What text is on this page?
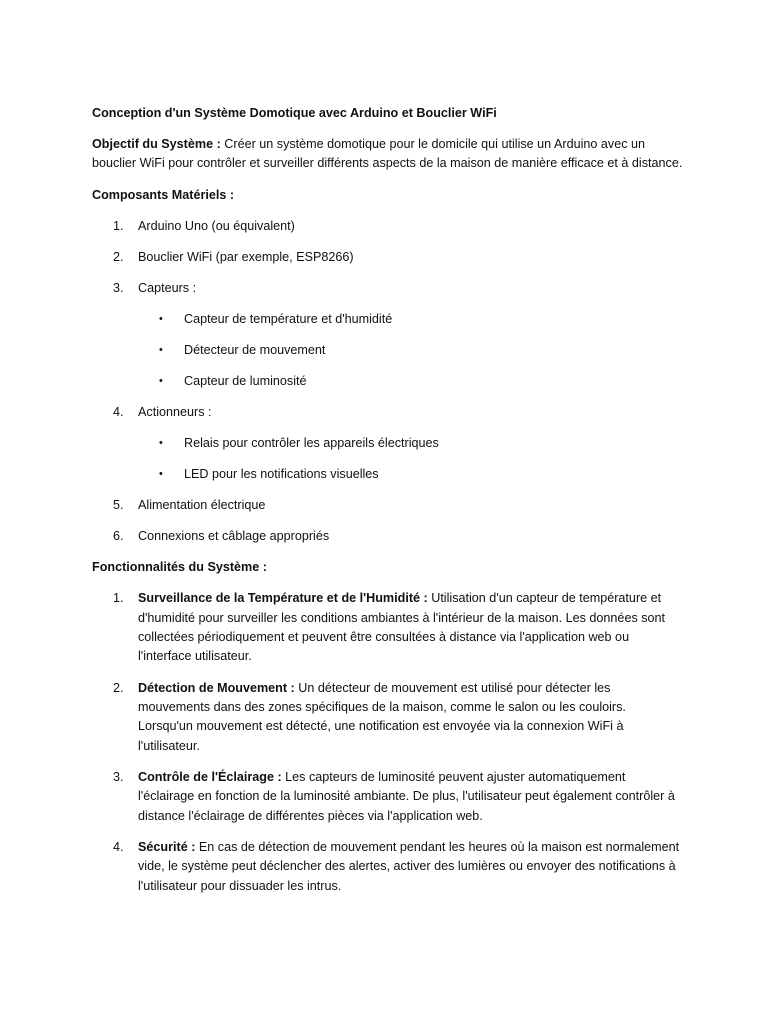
Conception d'un Système Domotique avec Arduino et Bouclier WiFi

Objectif du Système : Créer un système domotique pour le domicile qui utilise un Arduino avec un bouclier WiFi pour contrôler et surveiller différents aspects de la maison de manière efficace et à distance.

Composants Matériels :

1. Arduino Uno (ou équivalent)
2. Bouclier WiFi (par exemple, ESP8266)
3. Capteurs :
• Capteur de température et d'humidité
• Détecteur de mouvement
• Capteur de luminosité
4. Actionneurs :
• Relais pour contrôler les appareils électriques
• LED pour les notifications visuelles
5. Alimentation électrique
6. Connexions et câblage appropriés

Fonctionnalités du Système :

1. Surveillance de la Température et de l'Humidité : Utilisation d'un capteur de température et d'humidité pour surveiller les conditions ambiantes à l'intérieur de la maison. Les données sont collectées périodiquement et peuvent être consultées à distance via l'application web ou l'interface utilisateur.
2. Détection de Mouvement : Un détecteur de mouvement est utilisé pour détecter les mouvements dans des zones spécifiques de la maison, comme le salon ou les couloirs. Lorsqu'un mouvement est détecté, une notification est envoyée via la connexion WiFi à l'utilisateur.
3. Contrôle de l'Éclairage : Les capteurs de luminosité peuvent ajuster automatiquement l'éclairage en fonction de la luminosité ambiante. De plus, l'utilisateur peut également contrôler à distance l'éclairage de différentes pièces via l'application web.
4. Sécurité : En cas de détection de mouvement pendant les heures où la maison est normalement vide, le système peut déclencher des alertes, activer des lumières ou envoyer des notifications à l'utilisateur pour dissuader les intrus.
